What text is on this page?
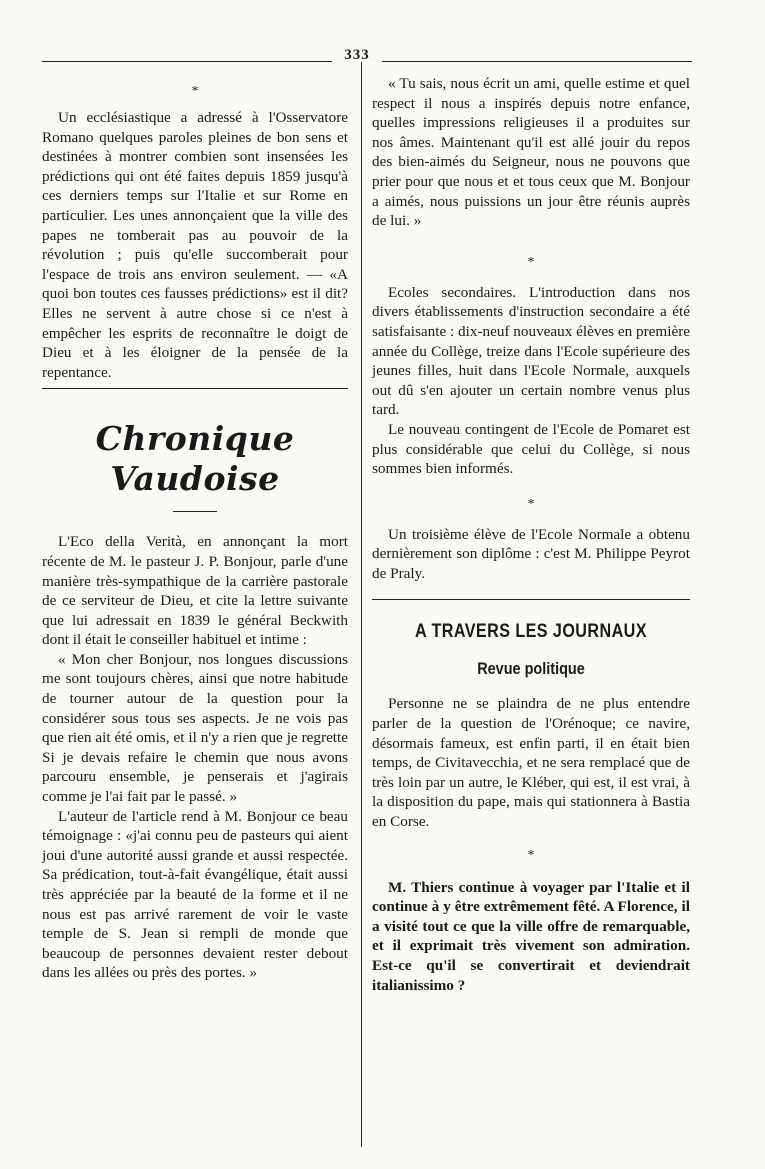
333
*

Un ecclésiastique a adressé à l'Osservatore Romano quelques paroles pleines de bon sens et destinées à montrer combien sont insensées les prédictions qui ont été faites depuis 1859 jusqu'à ces derniers temps sur l'Italie et sur Rome en particulier. Les unes annonçaient que la ville des papes ne tomberait pas au pouvoir de la révolution ; puis qu'elle succomberait pour l'espace de trois ans environ seulement. — «A quoi bon toutes ces fausses prédictions» est il dit? Elles ne servent à autre chose si ce n'est à empêcher les esprits de reconnaître le doigt de Dieu et à les éloigner de la pensée de la repentance.

Chronique Vaudoise

L'Eco della Verità, en annonçant la mort récente de M. le pasteur J. P. Bonjour, parle d'une manière très-sympathique de la carrière pastorale de ce serviteur de Dieu, et cite la lettre suivante que lui adressait en 1839 le général Beckwith dont il était le conseiller habituel et intime :

« Mon cher Bonjour, nos longues discussions me sont toujours chères, ainsi que notre habitude de tourner autour de la question pour la considérer sous tous ses aspects. Je ne vois pas que rien ait été omis, et il n'y a rien que je regrette Si je devais refaire le chemin que nous avons parcouru ensemble, je penserais et j'agirais comme je l'ai fait par le passé. »

L'auteur de l'article rend à M. Bonjour ce beau témoignage : «j'ai connu peu de pasteurs qui aient joui d'une autorité aussi grande et aussi respectée. Sa prédication, tout-à-fait évangélique, était aussi très appréciée par la beauté de la forme et il ne nous est pas arrivé rarement de voir le vaste temple de S. Jean si rempli de monde que beaucoup de personnes devaient rester debout dans les allées ou près des portes. »

« Tu sais, nous écrit un ami, quelle estime et quel respect il nous a inspirés depuis notre enfance, quelles impressions religieuses il a produites sur nos âmes. Maintenant qu'il est allé jouir du repos des bien-aimés du Seigneur, nous ne pouvons que prier pour que nous et et tous ceux que M. Bonjour a aimés, nous puissions un jour être réunis auprès de lui. »

*

Ecoles secondaires. L'introduction dans nos divers établissements d'instruction secondaire a été satisfaisante : dix-neuf nouveaux élèves en première année du Collège, treize dans l'Ecole supérieure des jeunes filles, huit dans l'Ecole Normale, auxquels out dû s'en ajouter un certain nombre venus plus tard.

Le nouveau contingent de l'Ecole de Pomaret est plus considérable que celui du Collège, si nous sommes bien informés.

*

Un troisième élève de l'Ecole Normale a obtenu dernièrement son diplôme : c'est M. Philippe Peyrot de Praly.

A TRAVERS LES JOURNAUX
Revue politique

Personne ne se plaindra de ne plus entendre parler de la question de l'Orénoque; ce navire, désormais fameux, est enfin parti, il en était bien temps, de Civitavecchia, et ne sera remplacé que de très loin par un autre, le Kléber, qui est, il est vrai, à la disposition du pape, mais qui stationnera à Bastia en Corse.

*

M. Thiers continue à voyager par l'Italie et il continue à y être extrêmement fêté. A Florence, il a visité tout ce que la ville offre de remarquable, et il exprimait très vivement son admiration. Est-ce qu'il se convertirait et deviendrait italianissimo ?
